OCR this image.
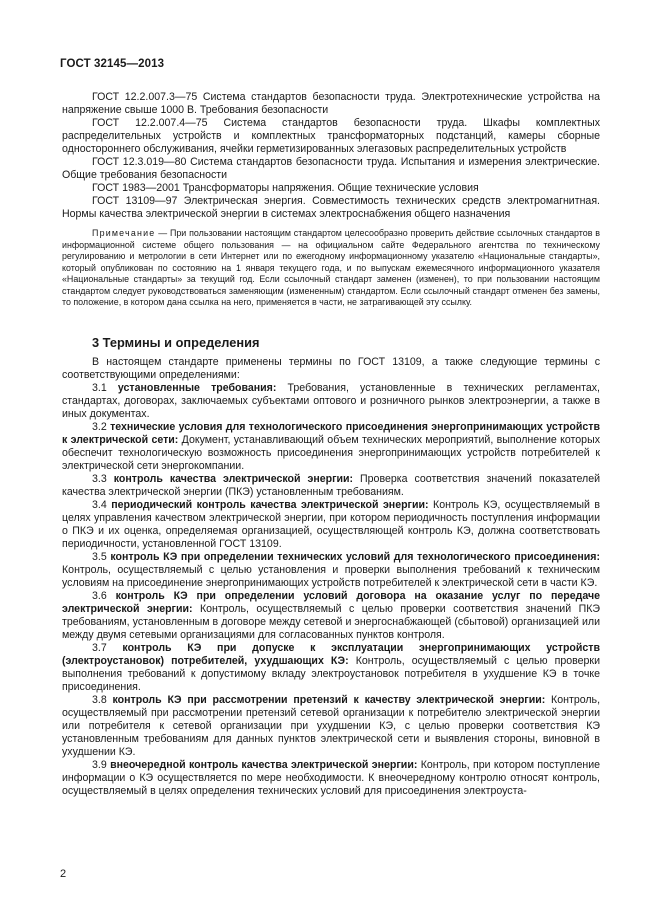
ГОСТ 32145—2013

ГОСТ 12.2.007.3—75 Система стандартов безопасности труда. Электротехнические устройства на напряжение свыше 1000 В. Требования безопасности

ГОСТ 12.2.007.4—75 Система стандартов безопасности труда. Шкафы комплектных распределительных устройств и комплектных трансформаторных подстанций, камеры сборные одностороннего обслуживания, ячейки герметизированных элегазовых распределительных устройств

ГОСТ 12.3.019—80 Система стандартов безопасности труда. Испытания и измерения электрические. Общие требования безопасности

ГОСТ 1983—2001 Трансформаторы напряжения. Общие технические условия

ГОСТ 13109—97 Электрическая энергия. Совместимость технических средств электромагнитная. Нормы качества электрической энергии в системах электроснабжения общего назначения

Примечание — При пользовании настоящим стандартом целесообразно проверить действие ссылочных стандартов в информационной системе общего пользования — на официальном сайте Федерального агентства по техническому регулированию и метрологии в сети Интернет или по ежегодному информационному указателю «Национальные стандарты», который опубликован по состоянию на 1 января текущего года, и по выпускам ежемесячного информационного указателя «Национальные стандарты» за текущий год. Если ссылочный стандарт заменен (изменен), то при пользовании настоящим стандартом следует руководствоваться заменяющим (измененным) стандартом. Если ссылочный стандарт отменен без замены, то положение, в котором дана ссылка на него, применяется в части, не затрагивающей эту ссылку.

3 Термины и определения

В настоящем стандарте применены термины по ГОСТ 13109, а также следующие термины с соответствующими определениями:

3.1 установленные требования: Требования, установленные в технических регламентах, стандартах, договорах, заключаемых субъектами оптового и розничного рынков электроэнергии, а также в иных документах.

3.2 технические условия для технологического присоединения энергопринимающих устройств к электрической сети: Документ, устанавливающий объем технических мероприятий, выполнение которых обеспечит технологическую возможность присоединения энергопринимающих устройств потребителей к электрической сети энергокомпании.

3.3 контроль качества электрической энергии: Проверка соответствия значений показателей качества электрической энергии (ПКЭ) установленным требованиям.

3.4 периодический контроль качества электрической энергии: Контроль КЭ, осуществляемый в целях управления качеством электрической энергии, при котором периодичность поступления информации о ПКЭ и их оценка, определяемая организацией, осуществляющей контроль КЭ, должна соответствовать периодичности, установленной ГОСТ 13109.

3.5 контроль КЭ при определении технических условий для технологического присоединения: Контроль, осуществляемый с целью установления и проверки выполнения требований к техническим условиям на присоединение энергопринимающих устройств потребителей к электрической сети в части КЭ.

3.6 контроль КЭ при определении условий договора на оказание услуг по передаче электрической энергии: Контроль, осуществляемый с целью проверки соответствия значений ПКЭ требованиям, установленным в договоре между сетевой и энергоснабжающей (сбытовой) организацией или между двумя сетевыми организациями для согласованных пунктов контроля.

3.7 контроль КЭ при допуске к эксплуатации энергопринимающих устройств (электроустановок) потребителей, ухудшающих КЭ: Контроль, осуществляемый с целью проверки выполнения требований к допустимому вкладу электроустановок потребителя в ухудшение КЭ в точке присоединения.

3.8 контроль КЭ при рассмотрении претензий к качеству электрической энергии: Контроль, осуществляемый при рассмотрении претензий сетевой организации к потребителю электрической энергии или потребителя к сетевой организации при ухудшении КЭ, с целью проверки соответствия КЭ установленным требованиям для данных пунктов электрической сети и выявления стороны, виновной в ухудшении КЭ.

3.9 внеочередной контроль качества электрической энергии: Контроль, при котором поступление информации о КЭ осуществляется по мере необходимости. К внеочередному контролю относят контроль, осуществляемый в целях определения технических условий для присоединения электроуста-

2
